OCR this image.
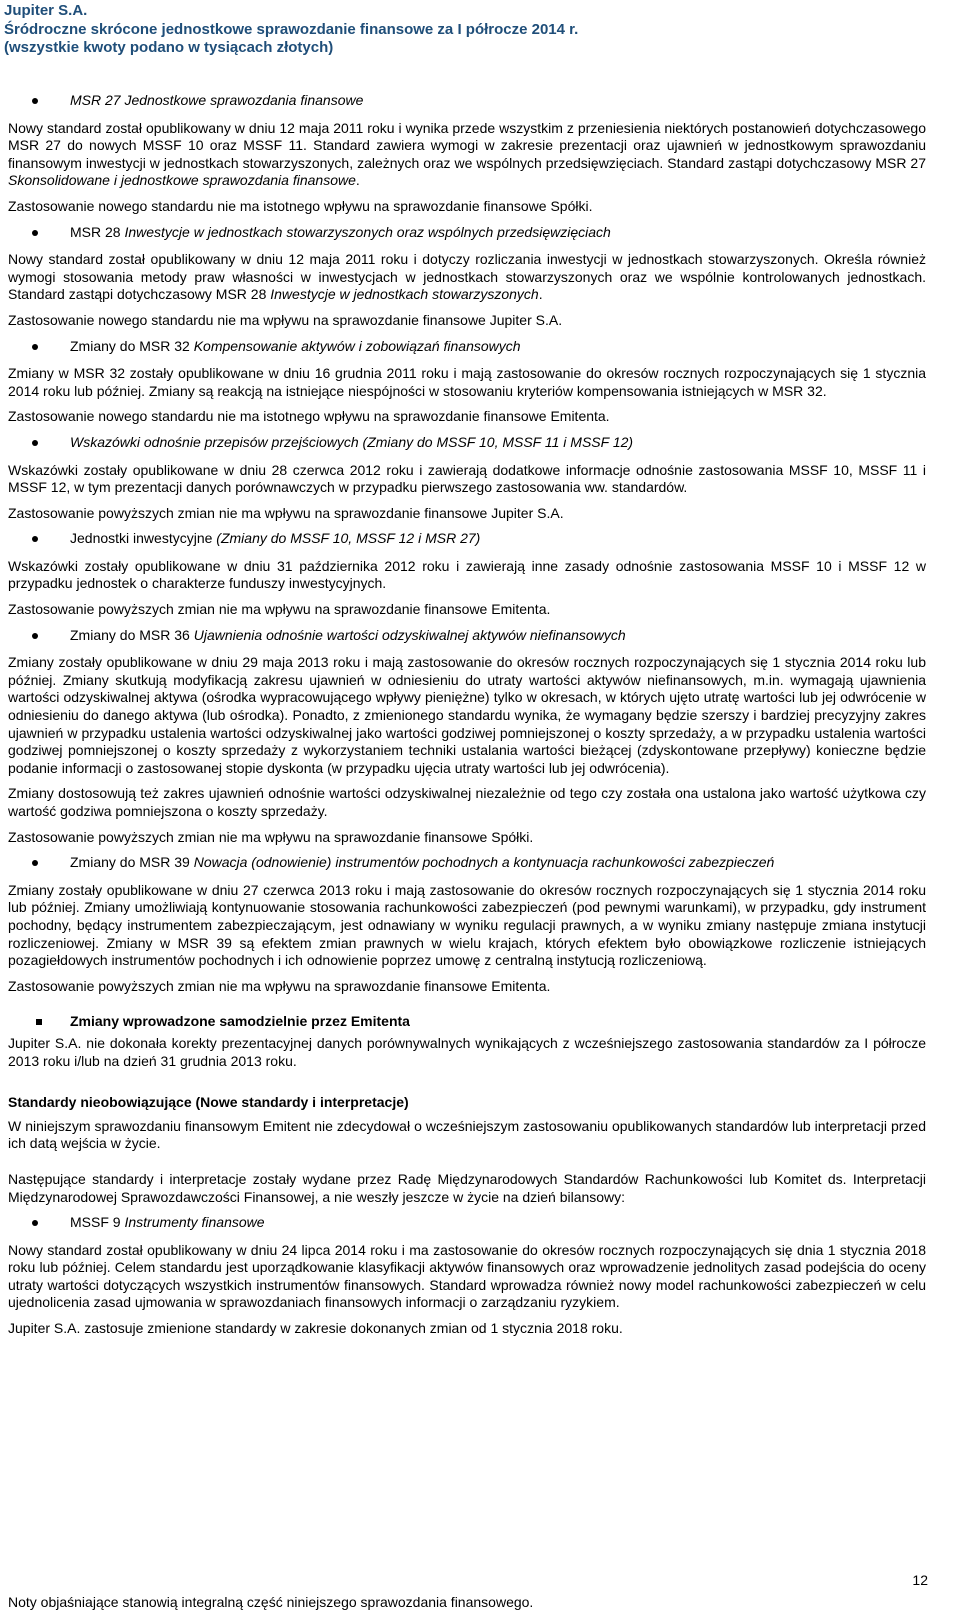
Jupiter S.A.
Śródroczne skrócone jednostkowe sprawozdanie finansowe za I półrocze 2014 r.
(wszystkie kwoty podano w tysiącach złotych)
MSR 27 Jednostkowe sprawozdania finansowe

Nowy standard został opublikowany w dniu 12 maja 2011 roku i wynika przede wszystkim z przeniesienia niektórych postanowień dotychczasowego MSR 27 do nowych MSSF 10 oraz MSSF 11. Standard zawiera wymogi w zakresie prezentacji oraz ujawnień w jednostkowym sprawozdaniu finansowym inwestycji w jednostkach stowarzyszonych, zależnych oraz we wspólnych przedsięwzięciach. Standard zastąpi dotychczasowy MSR 27 Skonsolidowane i jednostkowe sprawozdania finansowe.

Zastosowanie nowego standardu nie ma istotnego wpływu na sprawozdanie finansowe Spółki.

MSR 28 Inwestycje w jednostkach stowarzyszonych oraz wspólnych przedsięwzięciach

Nowy standard został opublikowany w dniu 12 maja 2011 roku i dotyczy rozliczania inwestycji w jednostkach stowarzyszonych. Określa również wymogi stosowania metody praw własności w inwestycjach w jednostkach stowarzyszonych oraz we wspólnie kontrolowanych jednostkach. Standard zastąpi dotychczasowy MSR 28 Inwestycje w jednostkach stowarzyszonych.

Zastosowanie nowego standardu nie ma wpływu na sprawozdanie finansowe Jupiter S.A.

Zmiany do MSR 32 Kompensowanie aktywów i zobowiązań finansowych

Zmiany w MSR 32 zostały opublikowane w dniu 16 grudnia 2011 roku i mają zastosowanie do okresów rocznych rozpoczynających się 1 stycznia 2014 roku lub później. Zmiany są reakcją na istniejące niespójności w stosowaniu kryteriów kompensowania istniejących w MSR 32.

Zastosowanie nowego standardu nie ma istotnego wpływu na sprawozdanie finansowe Emitenta.

Wskazówki odnośnie przepisów przejściowych (Zmiany do MSSF 10, MSSF 11 i MSSF 12)

Wskazówki zostały opublikowane w dniu 28 czerwca 2012 roku i zawierają dodatkowe informacje odnośnie zastosowania MSSF 10, MSSF 11 i MSSF 12, w tym prezentacji danych porównawczych w przypadku pierwszego zastosowania ww. standardów.

Zastosowanie powyższych zmian nie ma wpływu na sprawozdanie finansowe Jupiter S.A.

Jednostki inwestycyjne (Zmiany do MSSF 10, MSSF 12 i MSR 27)

Wskazówki zostały opublikowane w dniu 31 października 2012 roku i zawierają inne zasady odnośnie zastosowania MSSF 10 i MSSF 12 w przypadku jednostek o charakterze funduszy inwestycyjnych.

Zastosowanie powyższych zmian nie ma wpływu na sprawozdanie finansowe Emitenta.

Zmiany do MSR 36 Ujawnienia odnośnie wartości odzyskiwalnej aktywów niefinansowych

Zmiany zostały opublikowane w dniu 29 maja 2013 roku i mają zastosowanie do okresów rocznych rozpoczynających się 1 stycznia 2014 roku lub później. Zmiany skutkują modyfikacją zakresu ujawnień w odniesieniu do utraty wartości aktywów niefinansowych, m.in. wymagają ujawnienia wartości odzyskiwalnej aktywa (ośrodka wypracowującego wpływy pieniężne) tylko w okresach, w których ujęto utratę wartości lub jej odwrócenie w odniesieniu do danego aktywa (lub ośrodka). Ponadto, z zmienionego standardu wynika, że wymagany będzie szerszy i bardziej precyzyjny zakres ujawnień w przypadku ustalenia wartości odzyskiwalnej jako wartości godziwej pomniejszonej o koszty sprzedaży, a w przypadku ustalenia wartości godziwej pomniejszonej o koszty sprzedaży z wykorzystaniem techniki ustalania wartości bieżącej (zdyskontowane przepływy) konieczne będzie podanie informacji o zastosowanej stopie dyskonta (w przypadku ujęcia utraty wartości lub jej odwrócenia).

Zmiany dostosowują też zakres ujawnień odnośnie wartości odzyskiwalnej niezależnie od tego czy została ona ustalona jako wartość użytkowa czy wartość godziwa pomniejszona o koszty sprzedaży.

Zastosowanie powyższych zmian nie ma wpływu na sprawozdanie finansowe Spółki.

Zmiany do MSR 39 Nowacja (odnowienie) instrumentów pochodnych a kontynuacja rachunkowości zabezpieczeń

Zmiany zostały opublikowane w dniu 27 czerwca 2013 roku i mają zastosowanie do okresów rocznych rozpoczynających się 1 stycznia 2014 roku lub później. Zmiany umożliwiają kontynuowanie stosowania rachunkowości zabezpieczeń (pod pewnymi warunkami), w przypadku, gdy instrument pochodny, będący instrumentem zabezpieczającym, jest odnawiany w wyniku regulacji prawnych, a w wyniku zmiany następuje zmiana instytucji rozliczeniowej. Zmiany w MSR 39 są efektem zmian prawnych w wielu krajach, których efektem było obowiązkowe rozliczenie istniejących pozagiełdowych instrumentów pochodnych i ich odnowienie poprzez umowę z centralną instytucją rozliczeniową.

Zastosowanie powyższych zmian nie ma wpływu na sprawozdanie finansowe Emitenta.

Zmiany wprowadzone samodzielnie przez Emitenta

Jupiter S.A. nie dokonała korekty prezentacyjnej danych porównywalnych wynikających z wcześniejszego zastosowania standardów za I półrocze 2013 roku i/lub na dzień 31 grudnia 2013 roku.

Standardy nieobowiązujące (Nowe standardy i interpretacje)

W niniejszym sprawozdaniu finansowym Emitent nie zdecydował o wcześniejszym zastosowaniu opublikowanych standardów lub interpretacji przed ich datą wejścia w życie.

Następujące standardy i interpretacje zostały wydane przez Radę Międzynarodowych Standardów Rachunkowości lub Komitet ds. Interpretacji Międzynarodowej Sprawozdawczości Finansowej, a nie weszły jeszcze w życie na dzień bilansowy:

MSSF 9 Instrumenty finansowe

Nowy standard został opublikowany w dniu 24 lipca 2014 roku i ma zastosowanie do okresów rocznych rozpoczynających się dnia 1 stycznia 2018 roku lub później. Celem standardu jest uporządkowanie klasyfikacji aktywów finansowych oraz wprowadzenie jednolitych zasad podejścia do oceny utraty wartości dotyczących wszystkich instrumentów finansowych. Standard wprowadza również nowy model rachunkowości zabezpieczeń w celu ujednolicenia zasad ujmowania w sprawozdaniach finansowych informacji o zarządzaniu ryzykiem.

Jupiter S.A. zastosuje zmienione standardy w zakresie dokonanych zmian od 1 stycznia 2018 roku.

12
Noty objaśniające stanowią integralną część niniejszego sprawozdania finansowego.
